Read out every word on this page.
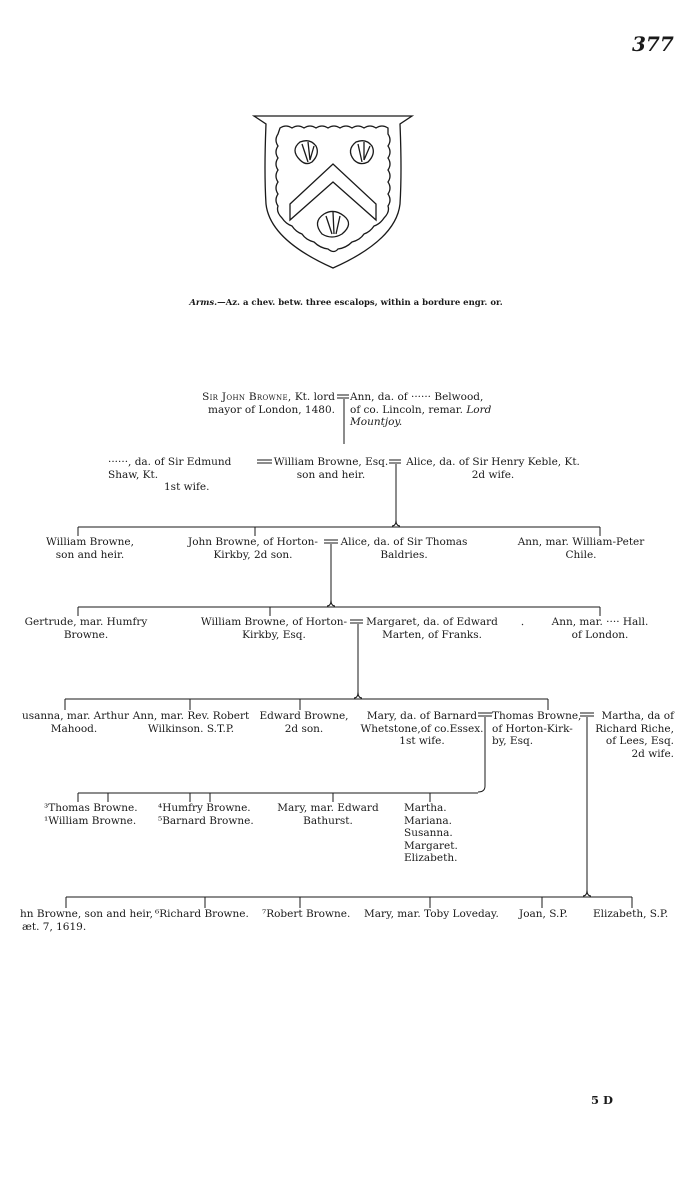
377
Arms.—Az. a chev. betw. three escalops, within a bordure engr. or.
Sir John Browne, Kt. lord
mayor of London, 1480.
Ann, da. of ······ Belwood,
of co. Lincoln, remar. Lord
Mountjoy.
······, da. of Sir Edmund
Shaw, Kt.
1st wife.
William Browne, Esq.
son and heir.
Alice, da. of Sir Henry Keble, Kt.
2d wife.
William Browne,
son and heir.
John Browne, of Horton-
Kirkby, 2d son.
Alice, da. of Sir Thomas
Baldries.
Ann, mar. William-Peter
Chile.
Gertrude, mar. Humfry
Browne.
William Browne, of Horton-
Kirkby, Esq.
Margaret, da. of Edward
Marten, of Franks.
Ann, mar. ···· Hall.
of London.
usanna, mar. Arthur
Mahood.
Ann, mar. Rev. Robert
Wilkinson. S.T.P.
Edward Browne,
2d son.
Mary, da. of Barnard
Whetstone,of co.Essex.
1st wife.
Thomas Browne,
of Horton-Kirk-
by, Esq.
Martha, da of
Richard Riche,
of Lees, Esq.
2d wife.
³Thomas Browne.
¹William Browne.
⁴Humfry Browne.
⁵Barnard Browne.
Mary, mar. Edward
Bathurst.
Martha.
Mariana.
Susanna.
Margaret.
Elizabeth.
hn Browne, son and heir,
æt. 7, 1619.
⁶Richard Browne. ⁷Robert Browne. Mary, mar. Toby Loveday. Joan, S.P. Elizabeth, S.P.
5 D
